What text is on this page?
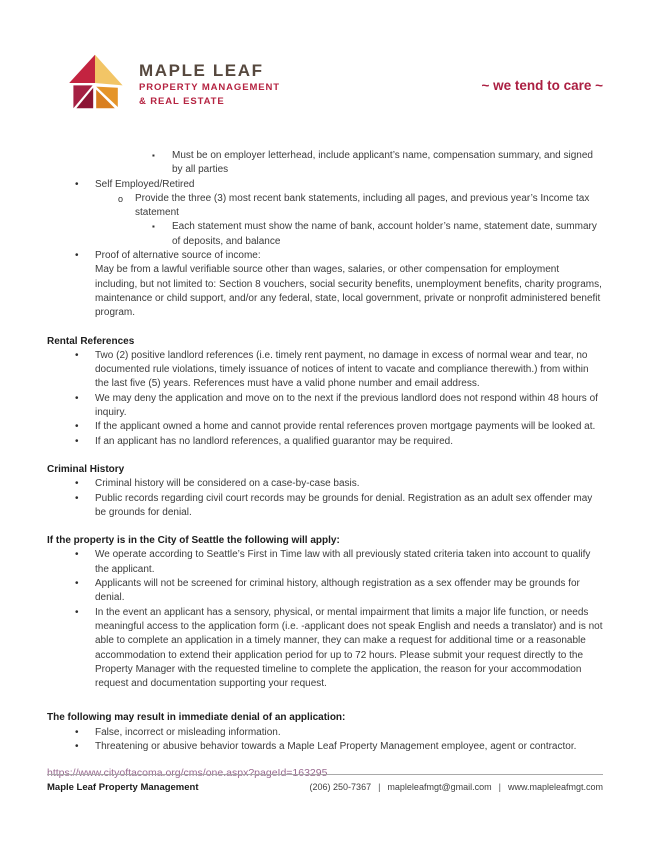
MAPLE LEAF
PROPERTY MANAGEMENT
& REAL ESTATE
~ we tend to care ~
▪	Must be on employer letterhead, include applicant’s name, compensation summary, and signed by all parties
•	Self Employed/Retired
o	Provide the three (3) most recent bank statements, including all pages, and previous year’s Income tax statement
▪	Each statement must show the name of bank, account holder’s name, statement date, summary of deposits, and balance
•	Proof of alternative source of income:
May be from a lawful verifiable source other than wages, salaries, or other compensation for employment including, but not limited to: Section 8 vouchers, social security benefits, unemployment benefits, charity programs, maintenance or child support, and/or any federal, state, local government, private or nonprofit administered benefit program.
Rental References
•	Two (2) positive landlord references (i.e. timely rent payment, no damage in excess of normal wear and tear, no documented rule violations, timely issuance of notices of intent to vacate and compliance therewith.) from within the last five (5) years. References must have a valid phone number and email address.
•	We may deny the application and move on to the next if the previous landlord does not respond within 48 hours of inquiry.
•	If the applicant owned a home and cannot provide rental references proven mortgage payments will be looked at.
•	If an applicant has no landlord references, a qualified guarantor may be required.
Criminal History
•	Criminal history will be considered on a case-by-case basis.
•	Public records regarding civil court records may be grounds for denial. Registration as an adult sex offender may be grounds for denial.
If the property is in the City of Seattle the following will apply:
•	We operate according to Seattle’s First in Time law with all previously stated criteria taken into account to qualify the applicant.
•	Applicants will not be screened for criminal history, although registration as a sex offender may be grounds for denial.
•	In the event an applicant has a sensory, physical, or mental impairment that limits a major life function, or needs meaningful access to the application form (i.e. -applicant does not speak English and needs a translator) and is not able to complete an application in a timely manner, they can make a request for additional time or a reasonable accommodation to extend their application period for up to 72 hours. Please submit your request directly to the Property Manager with the requested timeline to complete the application, the reason for your accommodation request and documentation supporting your request.
The following may result in immediate denial of an application:
•	False, incorrect or misleading information.
•	Threatening or abusive behavior towards a Maple Leaf Property Management employee, agent or contractor.
https://www.cityoftacoma.org/cms/one.aspx?pageId=163295
Maple Leaf Property Management	(206) 250-7367 | mapleleafmgt@gmail.com | www.mapleleafmgt.com
